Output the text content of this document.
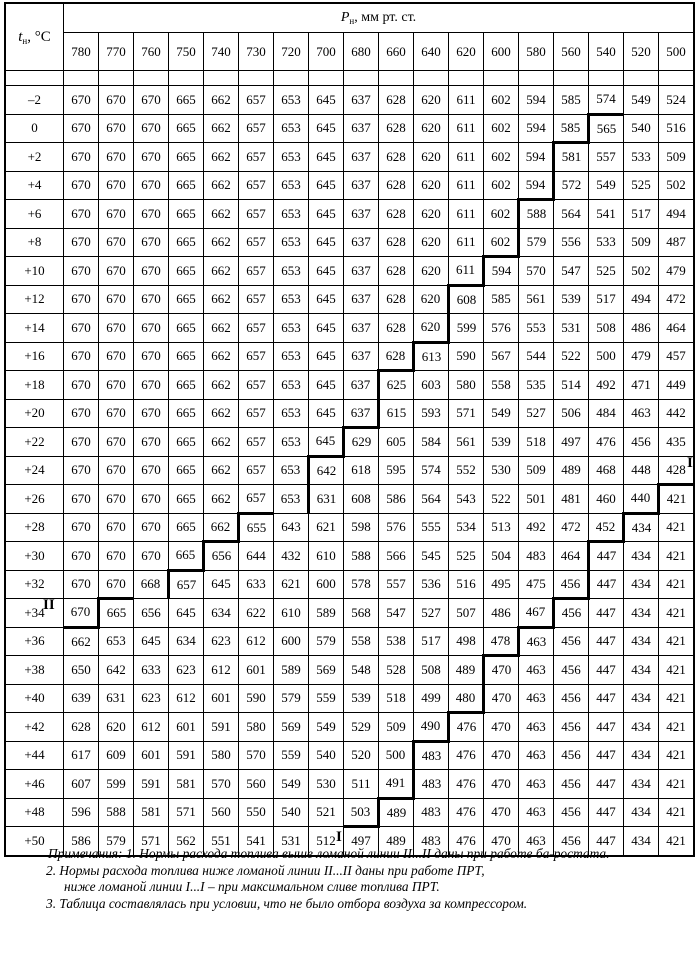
$t_н$, °С	$P_н$, мм рт. ст.																	
	780	770	760	750	740	730	720	700	680	660	640	620	600	580	560	540	520	500

–2	670	670	670	665	662	657	653	645	637	628	620	611	602	594	585	574	549	524
0	670	670	670	665	662	657	653	645	637	628	620	611	602	594	585	565	540	516
+2	670	670	670	665	662	657	653	645	637	628	620	611	602	594	581	557	533	509
+4	670	670	670	665	662	657	653	645	637	628	620	611	602	594	572	549	525	502
+6	670	670	670	665	662	657	653	645	637	628	620	611	602	588	564	541	517	494
+8	670	670	670	665	662	657	653	645	637	628	620	611	602	579	556	533	509	487
+10	670	670	670	665	662	657	653	645	637	628	620	611	594	570	547	525	502	479
+12	670	670	670	665	662	657	653	645	637	628	620	608	585	561	539	517	494	472
+14	670	670	670	665	662	657	653	645	637	628	620	599	576	553	531	508	486	464
+16	670	670	670	665	662	657	653	645	637	628	613	590	567	544	522	500	479	457
+18	670	670	670	665	662	657	653	645	637	625	603	580	558	535	514	492	471	449
+20	670	670	670	665	662	657	653	645	637	615	593	571	549	527	506	484	463	442
+22	670	670	670	665	662	657	653	645	629	605	584	561	539	518	497	476	456	435
+24	670	670	670	665	662	657	653	642	618	595	574	552	530	509	489	468	448	428
+26	670	670	670	665	662	657	653	631	608	586	564	543	522	501	481	460	440	421
+28	670	670	670	665	662	655	643	621	598	576	555	534	513	492	472	452	434	421
+30	670	670	670	665	656	644	432	610	588	566	545	525	504	483	464	447	434	421
+32	670	670	668	657	645	633	621	600	578	557	536	516	495	475	456	447	434	421
+34	670	665	656	645	634	622	610	589	568	547	527	507	486	467	456	447	434	421
+36	662	653	645	634	623	612	600	579	558	538	517	498	478	463	456	447	434	421
+38	650	642	633	623	612	601	589	569	548	528	508	489	470	463	456	447	434	421
+40	639	631	623	612	601	590	579	559	539	518	499	480	470	463	456	447	434	421
+42	628	620	612	601	591	580	569	549	529	509	490	476	470	463	456	447	434	421
+44	617	609	601	591	580	570	559	540	520	500	483	476	470	463	456	447	434	421
+46	607	599	591	581	570	560	549	530	511	491	483	476	470	463	456	447	434	421
+48	596	588	581	571	560	550	540	521	503	489	483	476	470	463	456	447	434	421
+50	586	579	571	562	551	541	531	512	497	489	483	476	470	463	456	447	434	421
I
II
I

Примечания: 1. Нормы расхода топлива выше ломаной линии II...II даны при работе ба-ростата.

2. Нормы расхода топлива ниже ломаной линии II...II даны при работе ПРТ,

ниже ломаной линии I...I – при максимальном сливе топлива ПРТ.

3. Таблица составлялась при условии, что не было отбора воздуха за компрессором.
